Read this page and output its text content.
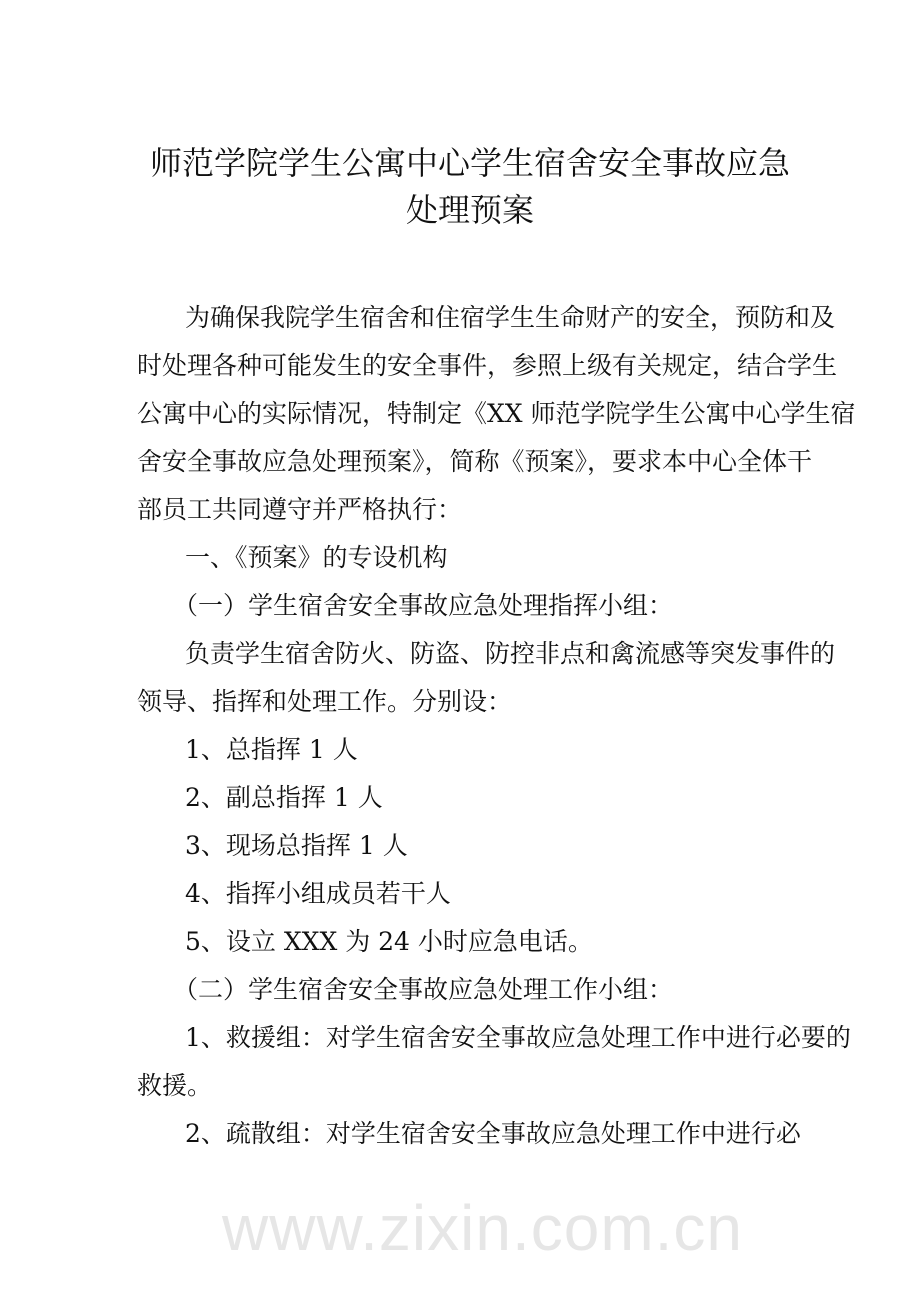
师范学院学生公寓中心学生宿舍安全事故应急
处理预案
为确保我院学生宿舍和住宿学生生命财产的安全，预防和及
时处理各种可能发生的安全事件，参照上级有关规定，结合学生
公寓中心的实际情况，特制定《XX 师范学院学生公寓中心学生宿
舍安全事故应急处理预案》，简称《预案》，要求本中心全体干
部员工共同遵守并严格执行：
一、《预案》的专设机构
（一）学生宿舍安全事故应急处理指挥小组：
负责学生宿舍防火、防盗、防控非点和禽流感等突发事件的
领导、指挥和处理工作。分别设：
1、总指挥 1 人
2、副总指挥 1 人
3、现场总指挥 1 人
4、指挥小组成员若干人
5、设立 XXX 为 24 小时应急电话。
（二）学生宿舍安全事故应急处理工作小组：
1、救援组：对学生宿舍安全事故应急处理工作中进行必要的
救援。
2、疏散组：对学生宿舍安全事故应急处理工作中进行必
www.zixin.com.cn
